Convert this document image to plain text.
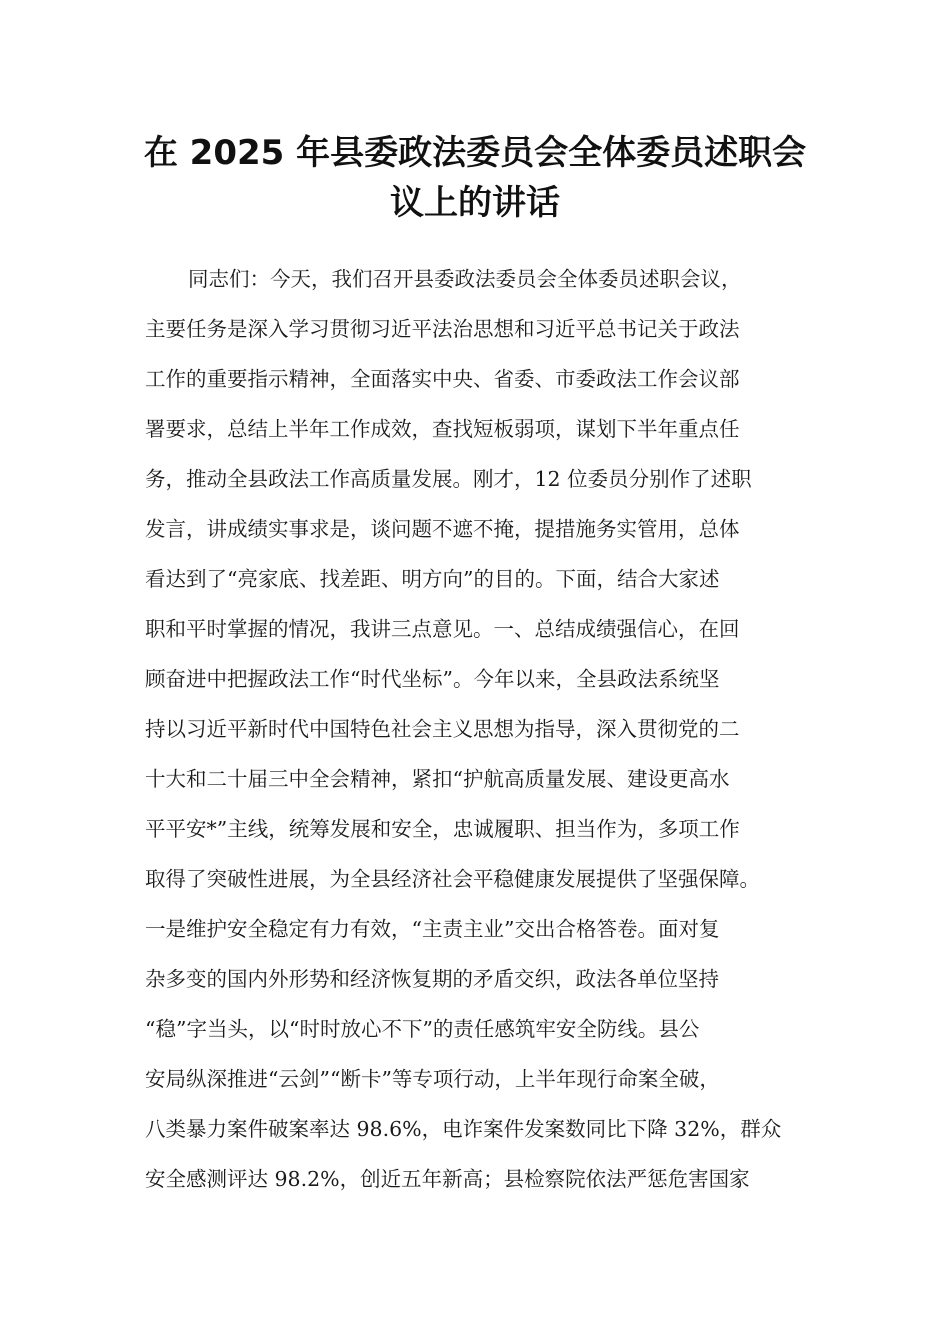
在 2025 年县委政法委员会全体委员述职会
议上的讲话
同志们：今天，我们召开县委政法委员会全体委员述职会议，
主要任务是深入学习贯彻习近平法治思想和习近平总书记关于政法
工作的重要指示精神，全面落实中央、省委、市委政法工作会议部
署要求，总结上半年工作成效，查找短板弱项，谋划下半年重点任
务，推动全县政法工作高质量发展。刚才，12 位委员分别作了述职
发言，讲成绩实事求是，谈问题不遮不掩，提措施务实管用，总体
看达到了“亮家底、找差距、明方向”的目的。下面，结合大家述
职和平时掌握的情况，我讲三点意见。一、总结成绩强信心，在回
顾奋进中把握政法工作“时代坐标”。今年以来，全县政法系统坚
持以习近平新时代中国特色社会主义思想为指导，深入贯彻党的二
十大和二十届三中全会精神，紧扣“护航高质量发展、建设更高水
平平安*”主线，统筹发展和安全，忠诚履职、担当作为，多项工作
取得了突破性进展，为全县经济社会平稳健康发展提供了坚强保障。
一是维护安全稳定有力有效，“主责主业”交出合格答卷。面对复
杂多变的国内外形势和经济恢复期的矛盾交织，政法各单位坚持
“稳”字当头，以“时时放心不下”的责任感筑牢安全防线。县公
安局纵深推进“云剑”“断卡”等专项行动，上半年现行命案全破，
八类暴力案件破案率达 98.6%，电诈案件发案数同比下降 32%，群众
安全感测评达 98.2%，创近五年新高；县检察院依法严惩危害国家
